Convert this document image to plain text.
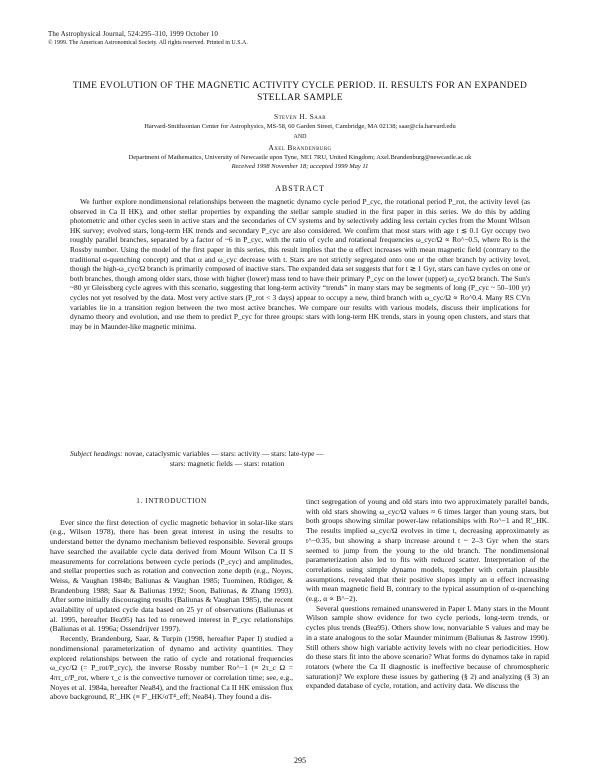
The Astrophysical Journal, 524:295–310, 1999 October 10
© 1999. The American Astronomical Society. All rights reserved. Printed in U.S.A.
TIME EVOLUTION OF THE MAGNETIC ACTIVITY CYCLE PERIOD. II. RESULTS FOR AN EXPANDED STELLAR SAMPLE
Steven H. Saar
Harvard-Smithsonian Center for Astrophysics, MS-58, 60 Garden Street, Cambridge, MA 02138; saar@cfa.harvard.edu
AND
Axel Brandenburg
Department of Mathematics, University of Newcastle upon Tyne, NE1 7RU, United Kingdom; Axel.Brandenburg@newcastle.ac.uk
Received 1998 November 18; accepted 1999 May 11
ABSTRACT
We further explore nondimensional relationships between the magnetic dynamo cycle period P_cyc, the rotational period P_rot, the activity level (as observed in Ca II HK), and other stellar properties by expanding the stellar sample studied in the first paper in this series. We do this by adding photometric and other cycles seen in active stars and the secondaries of CV systems and by selectively adding less certain cycles from the Mount Wilson HK survey; evolved stars, long-term HK trends and secondary P_cyc are also considered. We confirm that most stars with age t ≲ 0.1 Gyr occupy two roughly parallel branches, separated by a factor of ~6 in P_cyc, with the ratio of cycle and rotational frequencies ω_cyc/Ω ∝ Ro^−0.5, where Ro is the Rossby number. Using the model of the first paper in this series, this result implies that the α effect increases with mean magnetic field (contrary to the traditional α-quenching concept) and that α and ω_cyc decrease with t. Stars are not strictly segregated onto one or the other branch by activity level, though the high-ω_cyc/Ω branch is primarily composed of inactive stars. The expanded data set suggests that for t ≳ 1 Gyr, stars can have cycles on one or both branches, though among older stars, those with higher (lower) mass tend to have their primary P_cyc on the lower (upper) ω_cyc/Ω branch. The Sun's ~80 yr Gleissberg cycle agrees with this scenario, suggesting that long-term activity “trends” in many stars may be segments of long (P_cyc ~ 50–100 yr) cycles not yet resolved by the data. Most very active stars (P_rot < 3 days) appear to occupy a new, third branch with ω_cyc/Ω ∝ Ro^0.4. Many RS CVn variables lie in a transition region between the two most active branches. We compare our results with various models, discuss their implications for dynamo theory and evolution, and use them to predict P_cyc for three groups: stars with long-term HK trends, stars in young open clusters, and stars that may be in Maunder-like magnetic minima.
Subject headings: novae, cataclysmic variables — stars: activity — stars: late-type —
stars: magnetic fields — stars: rotation
1. INTRODUCTION

Ever since the first detection of cyclic magnetic behavior in solar-like stars (e.g., Wilson 1978), there has been great interest in using the results to understand better the dynamo mechanism believed responsible. Several groups have searched the available cycle data derived from Mount Wilson Ca II S measurements for correlations between cycle periods (P_cyc) and amplitudes, and stellar properties such as rotation and convection zone depth (e.g., Noyes, Weiss, & Vaughan 1984b; Baliunas & Vaughan 1985; Tuominen, Rüdiger, & Brandenburg 1988; Saar & Baliunas 1992; Soon, Baliunas, & Zhang 1993). After some initially discouraging results (Baliunas & Vaughan 1985), the recent availability of updated cycle data based on 25 yr of observations (Baliunas et al. 1995, hereafter Bea95) has led to renewed interest in P_cyc relationships (Baliunas et al. 1996a; Ossendrijver 1997).

Recently, Brandenburg, Saar, & Turpin (1998, hereafter Paper I) studied a nondimensional parameterization of dynamo and activity quantities. They explored relationships between the ratio of cycle and rotational frequencies ω_cyc/Ω (= P_rot/P_cyc), the inverse Rossby number Ro^−1 (≡ 2τ_c Ω = 4πτ_c/P_rot, where τ_c is the convective turnover or correlation time; see, e.g., Noyes et al. 1984a, hereafter Nea84), and the fractional Ca II HK emission flux above background, R′_HK (≡ F′_HK/σT⁴_eff; Nea84). They found a dis-

tinct segregation of young and old stars into two approximately parallel bands, with old stars showing ω_cyc/Ω values ≈ 6 times larger than young stars, but both groups showing similar power-law relationships with Ro^−1 and R′_HK. The results implied ω_cyc/Ω evolves in time t, decreasing approximately as t^−0.35, but showing a sharp increase around t ~ 2–3 Gyr when the stars seemed to jump from the young to the old branch. The nondimensional parameterization also led to fits with reduced scatter. Interpretation of the correlations using simple dynamo models, together with certain plausible assumptions, revealed that their positive slopes imply an α effect increasing with mean magnetic field B, contrary to the typical assumption of α-quenching (e.g., α ∝ B^−2).

Several questions remained unanswered in Paper I. Many stars in the Mount Wilson sample show evidence for two cycle periods, long-term trends, or cycles plus trends (Bea95). Others show low, nonvariable S values and may be in a state analogous to the solar Maunder minimum (Baliunas & Jastrow 1990). Still others show high variable activity levels with no clear periodicities. How do these stars fit into the above scenario? What forms do dynamos take in rapid rotators (where the Ca II diagnostic is ineffective because of chromospheric saturation)? We explore these issues by gathering (§ 2) and analyzing (§ 3) an expanded database of cycle, rotation, and activity data. We discuss the

295
